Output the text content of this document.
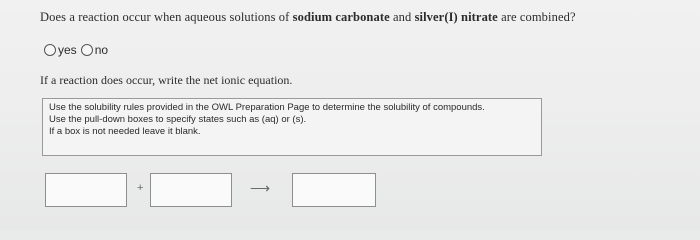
Does a reaction occur when aqueous solutions of sodium carbonate and silver(I) nitrate are combined?
yes no
If a reaction does occur, write the net ionic equation.
Use the solubility rules provided in the OWL Preparation Page to determine the solubility of compounds.
Use the pull-down boxes to specify states such as (aq) or (s).
If a box is not needed leave it blank.
+	⟶
